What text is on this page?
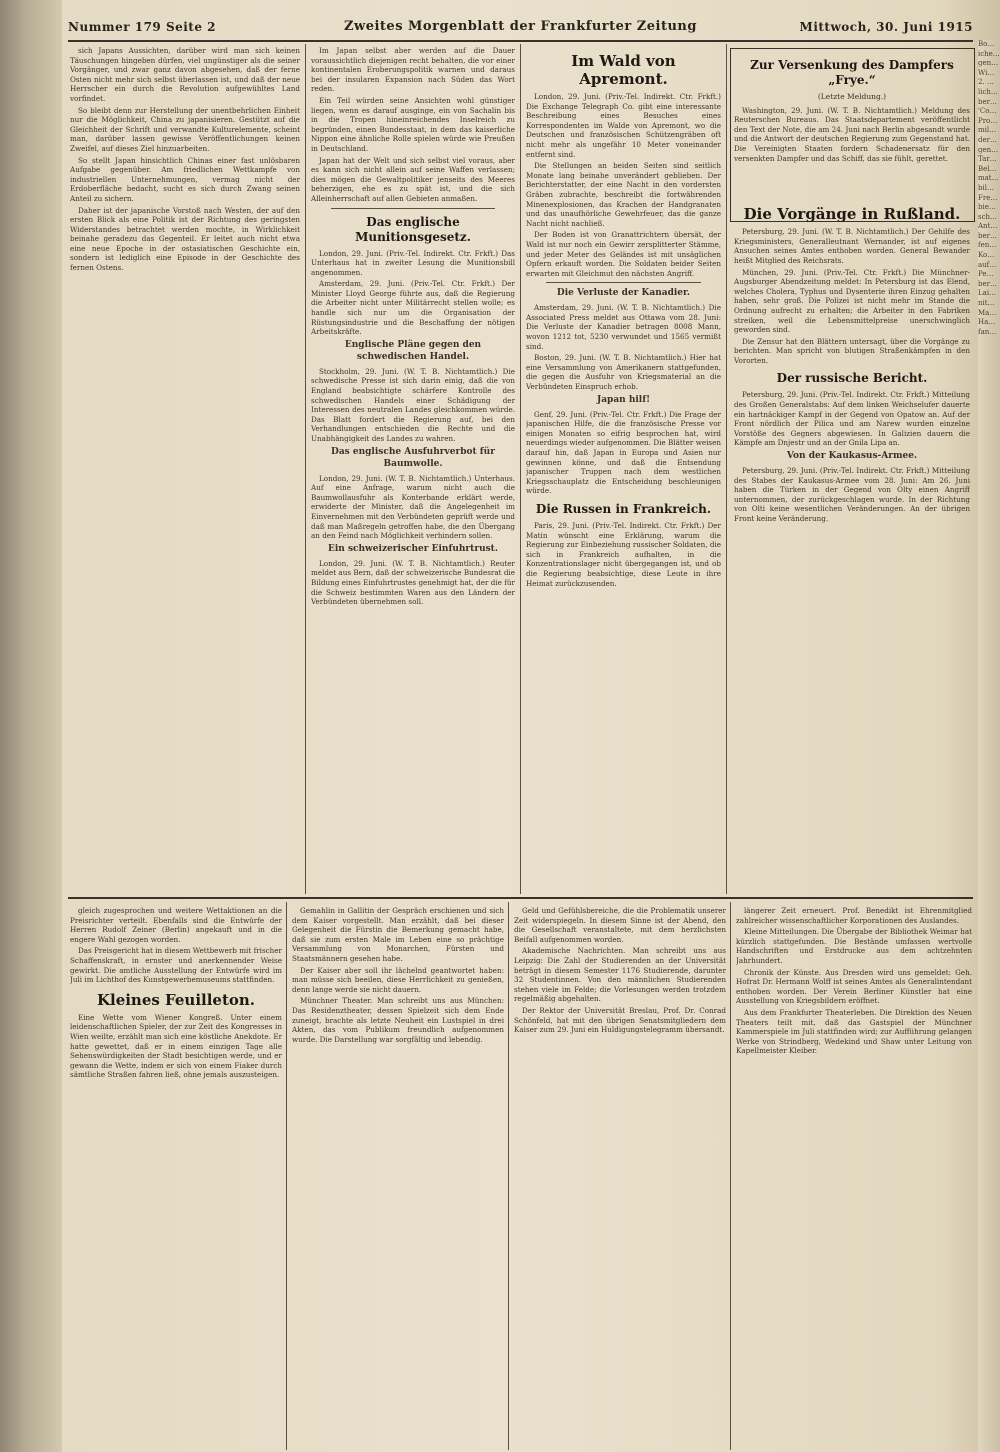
Nummer 179 Seite 2	Zweites Morgenblatt der Frankfurter Zeitung	Mittwoch, 30. Juni 1915

sich Japans Aussichten, darüber wird man sich keinen Täuschungen hingeben dürfen, viel ungünstiger als die seiner Vorgänger, und zwar ganz davon abgesehen, daß der ferne Osten nicht mehr sich selbst überlassen ist, und daß der neue Herrscher ein durch die Revolution aufgewühltes Land vorfindet.

So bleibt denn zur Herstellung der unentbehrlichen Einheit nur die Möglichkeit, China zu japanisieren. Gestützt auf die Gleichheit der Schrift und verwandte Kulturelemente, scheint man, darüber lassen gewisse Veröffentlichungen keinen Zweifel, auf dieses Ziel hinzuarbeiten.

So stellt Japan hinsichtlich Chinas einer fast unlösbaren Aufgabe gegenüber. Am friedlichen Wettkampfe von industriellen Unternehmungen, vermag nicht der Erdoberfläche bedacht, sucht es sich durch Zwang seinen Anteil zu sichern.

Daher ist der japanische Vorstoß nach Westen, der auf den ersten Blick als eine Politik ist der Richtung des geringsten Widerstandes betrachtet werden mochte, in Wirklichkeit beinahe geradezu das Gegenteil. Er leitet auch nicht etwa eine neue Epoche in der ostasiatischen Geschichte ein, sondern ist lediglich eine Episode in der Geschichte des fernen Ostens.

Im Japan selbst aber werden auf die Dauer voraussichtlich diejenigen recht behalten, die vor einer kontinentalen Eroberungspolitik warnen und daraus bei der insularen Expansion nach Süden das Wort reden.

Ein Teil würden seine Ansichten wohl günstiger liegen, wenn es darauf ausginge, ein von Sachalin bis in die Tropen hineinreichendes Inselreich zu begründen, einen Bundesstaat, in dem das kaiserliche Nippon eine ähnliche Rolle spielen würde wie Preußen in Deutschland.

Japan hat der Welt und sich selbst viel voraus, aber es kann sich nicht allein auf seine Waffen verlassen; dies mögen die Gewaltpolitiker jenseits des Meeres beherzigen, ehe es zu spät ist, und die sich Alleinherrschaft auf allen Gebieten anmaßen.

Das englische Munitionsgesetz.

London, 29. Juni. (Priv.-Tel. Indirekt. Ctr. Frkft.) Das Unterhaus hat in zweiter Lesung die Munitionsbill angenommen.

Amsterdam, 29. Juni. (Priv.-Tel. Ctr. Frkft.) Der Minister Lloyd George führte aus, daß die Regierung die Arbeiter nicht unter Militärrecht stellen wolle; es handle sich nur um die Organisation der Rüstungsindustrie und die Beschaffung der nötigen Arbeitskräfte.

Englische Pläne gegen den schwedischen Handel.

Stockholm, 29. Juni. (W. T. B. Nichtamtlich.) Die schwedische Presse ist sich darin einig, daß die von England beabsichtigte schärfere Kontrolle des schwedischen Handels einer Schädigung der Interessen des neutralen Landes gleichkommen würde. Das Blatt fordert die Regierung auf, bei den Verhandlungen entschieden die Rechte und die Unabhängigkeit des Landes zu wahren.

Das englische Ausfuhrverbot für Baumwolle.

London, 29. Juni. (W. T. B. Nichtamtlich.) Unterhaus. Auf eine Anfrage, warum nicht auch die Baumwollausfuhr als Konterbande erklärt werde, erwiderte der Minister, daß die Angelegenheit im Einvernehmen mit den Verbündeten geprüft werde und daß man Maßregeln getroffen habe, die den Übergang an den Feind nach Möglichkeit verhindern sollen.

Ein schweizerischer Einfuhrtrust.

London, 29. Juni. (W. T. B. Nichtamtlich.) Reuter meldet aus Bern, daß der schweizerische Bundesrat die Bildung eines Einfuhrtrustes genehmigt hat, der die für die Schweiz bestimmten Waren aus den Ländern der Verbündeten übernehmen soll.

Im Wald von Apremont.

London, 29. Juni. (Priv.-Tel. Indirekt. Ctr. Frkft.) Die Exchange Telegraph Co. gibt eine interessante Beschreibung eines Besuches eines Korrespondenten im Walde von Apremont, wo die Deutschen und französischen Schützengräben oft nicht mehr als ungefähr 10 Meter voneinander entfernt sind.

Die Stellungen an beiden Seiten sind seitlich Monate lang beinahe unverändert geblieben. Der Berichterstatter, der eine Nacht in den vordersten Gräben zubrachte, beschreibt die fortwährenden Minenexplosionen, das Krachen der Handgranaten und das unaufhörliche Gewehrfeuer, das die ganze Nacht nicht nachließ.

Der Boden ist von Granattrichtern übersät, der Wald ist nur noch ein Gewirr zersplitterter Stämme, und jeder Meter des Geländes ist mit unsäglichen Opfern erkauft worden. Die Soldaten beider Seiten erwarten mit Gleichmut den nächsten Angriff.

Die Verluste der Kanadier.

Amsterdam, 29. Juni. (W. T. B. Nichtamtlich.) Die Associated Press meldet aus Ottawa vom 28. Juni: Die Verluste der Kanadier betragen 8008 Mann, wovon 1212 tot, 5230 verwundet und 1565 vermißt sind.

Boston, 29. Juni. (W. T. B. Nichtamtlich.) Hier hat eine Versammlung von Amerikanern stattgefunden, die gegen die Ausfuhr von Kriegsmaterial an die Verbündeten Einspruch erhob.

Japan hilf!

Genf, 29. Juni. (Priv.-Tel. Ctr. Frkft.) Die Frage der japanischen Hilfe, die die französische Presse vor einigen Monaten so eifrig besprochen hat, wird neuerdings wieder aufgenommen. Die Blätter weisen darauf hin, daß Japan in Europa und Asien nur gewinnen könne, und daß die Entsendung japanischer Truppen nach dem westlichen Kriegsschauplatz die Entscheidung beschleunigen würde.

Die Russen in Frankreich.

Paris, 29. Juni. (Priv.-Tel. Indirekt. Ctr. Frkft.) Der Matin wünscht eine Erklärung, warum die Regierung zur Einbeziehung russischer Soldaten, die sich in Frankreich aufhalten, in die Konzentrationslager nicht übergegangen ist, und ob die Regierung beabsichtige, diese Leute in ihre Heimat zurückzusenden.

Zur Versenkung des Dampfers „Frye.“
(Letzte Meldung.)

Washington, 29. Juni. (W. T. B. Nichtamtlich.) Meldung des Reuterschen Bureaus. Das Staatsdepartement veröffentlicht den Text der Note, die am 24. Juni nach Berlin abgesandt wurde und die Antwort der deutschen Regierung zum Gegenstand hat. Die Vereinigten Staaten fordern Schadenersatz für den versenkten Dampfer und das Schiff, das sie fühlt, gerettet.

Die Vorgänge in Rußland.

Petersburg, 29. Juni. (W. T. B. Nichtamtlich.) Der Gehilfe des Kriegsministers, Generalleutnant Wernander, ist auf eigenes Ansuchen seines Amtes enthoben worden. General Bewander heißt Mitglied des Reichsrats.

München, 29. Juni. (Priv.-Tel. Ctr. Frkft.) Die Münchner-Augsburger Abendzeitung meldet: In Petersburg ist das Elend, welches Cholera, Typhus und Dysenterie ihren Einzug gehalten haben, sehr groß. Die Polizei ist nicht mehr im Stande die Ordnung aufrecht zu erhalten; die Arbeiter in den Fabriken streiken, weil die Lebensmittelpreise unerschwinglich geworden sind.

Die Zensur hat den Blättern untersagt, über die Vorgänge zu berichten. Man spricht von blutigen Straßenkämpfen in den Vororten.

Der russische Bericht.

Petersburg, 29. Juni. (Priv.-Tel. Indirekt. Ctr. Frkft.) Mitteilung des Großen Generalstabs: Auf dem linken Weichselufer dauerte ein hartnäckiger Kampf in der Gegend von Opatow an. Auf der Front nördlich der Pilica und am Narew wurden einzelne Vorstöße des Gegners abgewiesen. In Galizien dauern die Kämpfe am Dnjestr und an der Gnila Lipa an.

Von der Kaukasus-Armee.

Petersburg, 29. Juni. (Priv.-Tel. Indirekt. Ctr. Frkft.) Mitteilung des Stabes der Kaukasus-Armee vom 28. Juni: Am 26. Juni haben die Türken in der Gegend von Olty einen Angriff unternommen, der zurückgeschlagen wurde. In der Richtung von Olti keine wesentlichen Veränderungen. An der übrigen Front keine Veränderung.

gleich zugesprochen und weitere Wettaktionen an die Preisrichter verteilt. Ebenfalls sind die Entwürfe der Herren Rudolf Zeiner (Berlin) angekauft und in die engere Wahl gezogen worden.

Das Preisgericht hat in diesem Wettbewerb mit frischer Schaffenskraft, in ernster und anerkennender Weise gewirkt. Die amtliche Ausstellung der Entwürfe wird im Juli im Lichthof des Kunstgewerbemuseums stattfinden.

Kleines Feuilleton.

Eine Wette vom Wiener Kongreß. Unter einem leidenschaftlichen Spieler, der zur Zeit des Kongresses in Wien weilte, erzählt man sich eine köstliche Anekdote. Er hatte gewettet, daß er in einem einzigen Tage alle Sehenswürdigkeiten der Stadt besichtigen werde, und er gewann die Wette, indem er sich von einem Fiaker durch sämtliche Straßen fahren ließ, ohne jemals auszusteigen.

Gemahlin in Gallitin der Gespräch erschienen und sich dem Kaiser vorgestellt. Man erzählt, daß bei dieser Gelegenheit die Fürstin die Bemerkung gemacht habe, daß sie zum ersten Male im Leben eine so prächtige Versammlung von Monarchen, Fürsten und Staatsmännern gesehen habe.

Der Kaiser aber soll ihr lächelnd geantwortet haben: man müsse sich beeilen, diese Herrlichkeit zu genießen, denn lange werde sie nicht dauern.

Münchner Theater. Man schreibt uns aus München: Das Residenztheater, dessen Spielzeit sich dem Ende zuneigt, brachte als letzte Neuheit ein Lustspiel in drei Akten, das vom Publikum freundlich aufgenommen wurde. Die Darstellung war sorgfältig und lebendig.

Geld und Gefühlsbereiche, die die Problematik unserer Zeit widerspiegeln. In diesem Sinne ist der Abend, den die Gesellschaft veranstaltete, mit dem herzlichsten Beifall aufgenommen worden.

Akademische Nachrichten. Man schreibt uns aus Leipzig: Die Zahl der Studierenden an der Universität beträgt in diesem Semester 1176 Studierende, darunter 32 Studentinnen. Von den männlichen Studierenden stehen viele im Felde; die Vorlesungen werden trotzdem regelmäßig abgehalten.

Der Rektor der Universität Breslau, Prof. Dr. Conrad Schönfeld, hat mit den übrigen Senatsmitgliedern dem Kaiser zum 29. Juni ein Huldigungstelegramm übersandt.

längerer Zeit erneuert. Prof. Benedikt ist Ehrenmitglied zahlreicher wissenschaftlicher Korporationen des Auslandes.

Kleine Mitteilungen. Die Übergabe der Bibliothek Weimar hat kürzlich stattgefunden. Die Bestände umfassen wertvolle Handschriften und Erstdrucke aus dem achtzehnten Jahrhundert.

Chronik der Künste. Aus Dresden wird uns gemeldet: Geh. Hofrat Dr. Hermann Wolff ist seines Amtes als Generalintendant enthoben worden. Der Verein Berliner Künstler hat eine Ausstellung von Kriegsbildern eröffnet.

Aus dem Frankfurter Theaterleben. Die Direktion des Neuen Theaters teilt mit, daß das Gastspiel der Münchner Kammerspiele im Juli stattfinden wird; zur Aufführung gelangen Werke von Strindberg, Wedekind und Shaw unter Leitung von Kapellmeister Kleiber.

Bo… iche… gen… Wi… 2. … lich… ber… 'Co… Pro… mil… der… gen… Tar… Bel… mat… bil… Fre… bie… sch… Ant… ber… fen… Ko… auf… Pe… ber… Lai… nit… Ma… Ha… fan…
